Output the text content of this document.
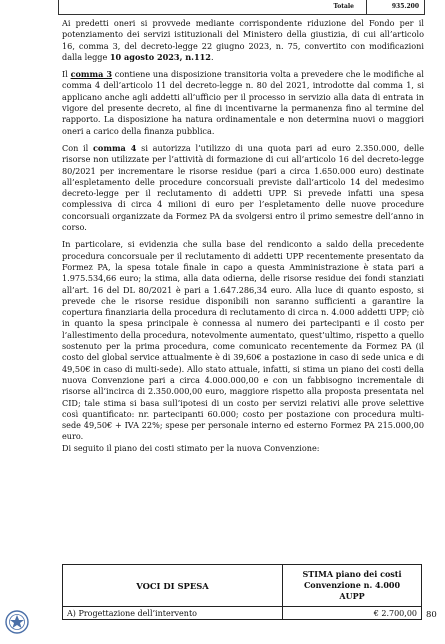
Totale	935.200

Ai predetti oneri si provvede mediante corrispondente riduzione del Fondo per il potenziamento dei servizi istituzionali del Ministero della giustizia, di cui all’articolo 16, comma 3, del decreto-legge 22 giugno 2023, n. 75, convertito con modificazioni dalla legge 10 agosto 2023, n.112.

Il comma 3 contiene una disposizione transitoria volta a prevedere che le modifiche al comma 4 dell’articolo 11 del decreto-legge n. 80 del 2021, introdotte dal comma 1, si applicano anche agli addetti all’ufficio per il processo in servizio alla data di entrata in vigore del presente decreto, al fine di incentivarne la permanenza fino al termine del rapporto. La disposizione ha natura ordinamentale e non determina nuovi o maggiori oneri a carico della finanza pubblica.

Con il comma 4 si autorizza l’utilizzo di una quota pari ad euro 2.350.000, delle risorse non utilizzate per l’attività di formazione di cui all’articolo 16 del decreto-legge 80/2021 per incrementare le risorse residue (pari a circa 1.650.000 euro) destinate all’espletamento delle procedure concorsuali previste dall’articolo 14 del medesimo decreto-legge per il reclutamento di addetti UPP. Si prevede infatti una spesa complessiva di circa 4 milioni di euro per l’espletamento delle nuove procedure concorsuali organizzate da Formez PA da svolgersi entro il primo semestre dell’anno in corso.

In particolare, si evidenzia che sulla base del rendiconto a saldo della precedente procedura concorsuale per il reclutamento di addetti UPP recentemente presentato da Formez PA, la spesa totale finale in capo a questa Amministrazione è stata pari a 1.975.534,66 euro; la stima, alla data odierna, delle risorse residue dei fondi stanziati all’art. 16 del DL 80/2021 è pari a 1.647.286,34 euro. Alla luce di quanto esposto, si prevede che le risorse residue disponibili non saranno sufficienti a garantire la copertura finanziaria della procedura di reclutamento di circa n. 4.000 addetti UPP; ciò in quanto la spesa principale è connessa al numero dei partecipanti e il costo per l’allestimento della procedura, notevolmente aumentato, quest’ultimo, rispetto a quello sostenuto per la prima procedura, come comunicato recentemente da Formez PA (il costo del global service attualmente è di 39,60€ a postazione in caso di sede unica e di 49,50€ in caso di multi-sede). Allo stato attuale, infatti, si stima un piano dei costi della nuova Convenzione pari a circa 4.000.000,00 e con un fabbisogno incrementale di risorse all’incirca di 2.350.000,00 euro, maggiore rispetto alla proposta presentata nel CID; tale stima si basa sull’ipotesi di un costo per servizi relativi alle prove selettive così quantificato: nr. partecipanti 60.000; costo per postazione con procedura multi-sede 49,50€ + IVA 22%; spese per personale interno ed esterno Formez PA 215.000,00 euro.

Di seguito il piano dei costi stimato per la nuova Convenzione:

VOCI DI SPESA	STIMA piano dei costi
Convenzione n. 4.000
AUPP

A) Progettazione dell’intervento	€ 2.700,00 80
